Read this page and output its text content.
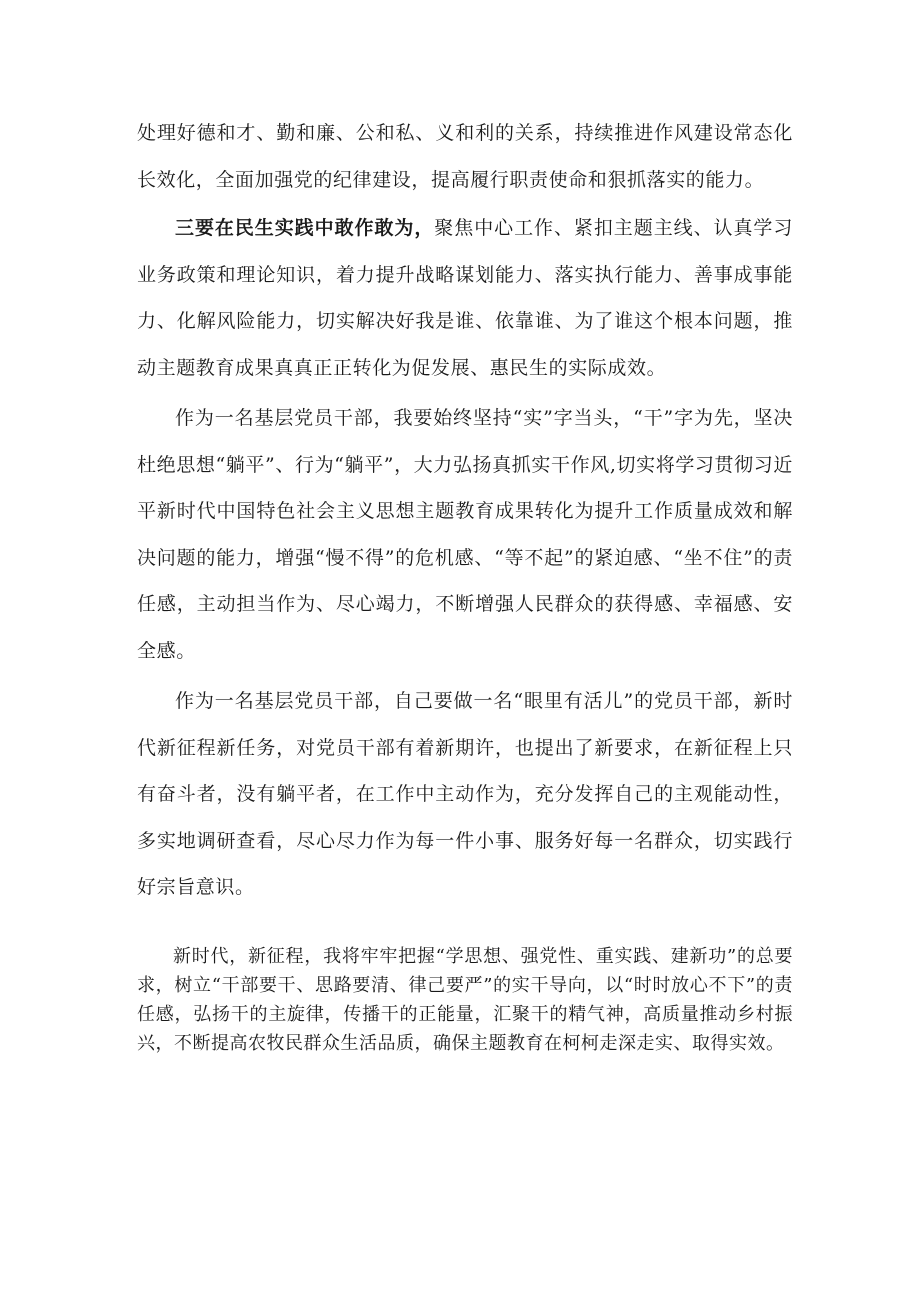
处理好德和才、勤和廉、公和私、义和利的关系，持续推进作风建设常态化长效化，全面加强党的纪律建设，提高履行职责使命和狠抓落实的能力。

三要在民生实践中敢作敢为，聚焦中心工作、紧扣主题主线、认真学习业务政策和理论知识，着力提升战略谋划能力、落实执行能力、善事成事能力、化解风险能力，切实解决好我是谁、依靠谁、为了谁这个根本问题，推动主题教育成果真真正正转化为促发展、惠民生的实际成效。

作为一名基层党员干部，我要始终坚持“实”字当头，“干”字为先，坚决杜绝思想“躺平”、行为“躺平”，大力弘扬真抓实干作风,切实将学习贯彻习近平新时代中国特色社会主义思想主题教育成果转化为提升工作质量成效和解决问题的能力，增强“慢不得”的危机感、“等不起”的紧迫感、“坐不住”的责任感，主动担当作为、尽心竭力，不断增强人民群众的获得感、幸福感、安全感。

作为一名基层党员干部，自己要做一名“眼里有活儿”的党员干部，新时代新征程新任务，对党员干部有着新期许，也提出了新要求，在新征程上只有奋斗者，没有躺平者，在工作中主动作为，充分发挥自己的主观能动性，多实地调研查看，尽心尽力作为每一件小事、服务好每一名群众，切实践行好宗旨意识。

新时代，新征程，我将牢牢把握“学思想、强党性、重实践、建新功”的总要求，树立“干部要干、思路要清、律己要严”的实干导向，以“时时放心不下”的责任感，弘扬干的主旋律，传播干的正能量，汇聚干的精气神，高质量推动乡村振兴，不断提高农牧民群众生活品质，确保主题教育在柯柯走深走实、取得实效。
